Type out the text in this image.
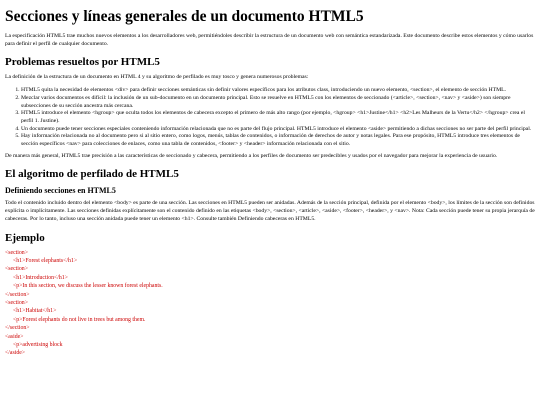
Secciones y líneas generales de un documento HTML5

La especificación HTML5 trae muchos nuevos elementos a los desarrolladores web, permitiéndoles describir la estructura de un documento web con semántica estandarizada. Este documento describe estos elementos y cómo usarlos para definir el perfil de cualquier documento.

Problemas resueltos por HTML5

La definición de la estructura de un documento en HTML 4 y su algoritmo de perfilado es muy tosco y genera numerosos problemas:

1. HTML5 quita la necesidad de elementos <div> para definir secciones semánticas sin definir valores específicos para los atributos class, introduciendo un nuevo elemento, <section>, el elemento de sección HTML.
2. Mezclar varios documentos es difícil: la inclusión de un sub-documento en un documento principal. Esto se resuelve en HTML5 con los elementos de seccionado (<article>, <section>, <nav> y <aside>) son siempre subsecciones de su sección ancestra más cercana.
3. HTML5 introduce el elemento <hgroup> que oculta todos los elementos de cabecera excepto el primero de más alto rango (por ejemplo, <hgroup> <h1>Justine</h1> <h2>Les Malheurs de la Vertu</h2> </hgroup> crea el perfil 1. Justine).
4. Un documento puede tener secciones especiales conteniendo información relacionada que no es parte del flujo principal. HTML5 introduce el elemento <aside> permitiendo a dichas secciones no ser parte del perfil principal.
5. Hay información relacionada no al documento pero si al sitio entero, como logos, menús, tablas de contenidos, o información de derechos de autor y notas legales. Para ese propósito, HTML5 introduce tres elementos de sección específicos <nav> para colecciones de enlaces, como una tabla de contenidos, <footer> y <header> información relacionada con el sitio.

De manera más general, HTML5 trae precisión a las características de seccionado y cabecera, permitiendo a los perfiles de documento ser predecibles y usados por el navegador para mejorar la experiencia de usuario.

El algoritmo de perfilado de HTML5
Definiendo secciones en HTML5

Todo el contenido incluido dentro del elemento <body> es parte de una sección. Las secciones en HTML5 pueden ser anidadas. Además de la sección principal, definida por el elemento <body>, los límites de la sección son definidos explícita o implícitamente. Las secciones definidas explícitamente son el contenido definido en las etiquetas <body>, <section>, <article>, <aside>, <footer>, <header>, y <nav>. Nota: Cada sección puede tener su propia jerarquía de cabeceras. Por lo tanto, incluso una sección anidada puede tener un elemento <h1>. Consulte también Definiendo cabeceras en HTML5.

Ejemplo
<section>
<h1>Forest elephants</h1>
<section>
<h1>Introduction</h1>
<p>In this section, we discuss the lesser known forest elephants.
</section>
<section>
<h1>Habitat</h1>
<p>Forest elephants do not live in trees but among them.
</section>
<aside>
<p>advertising block
</aside>
